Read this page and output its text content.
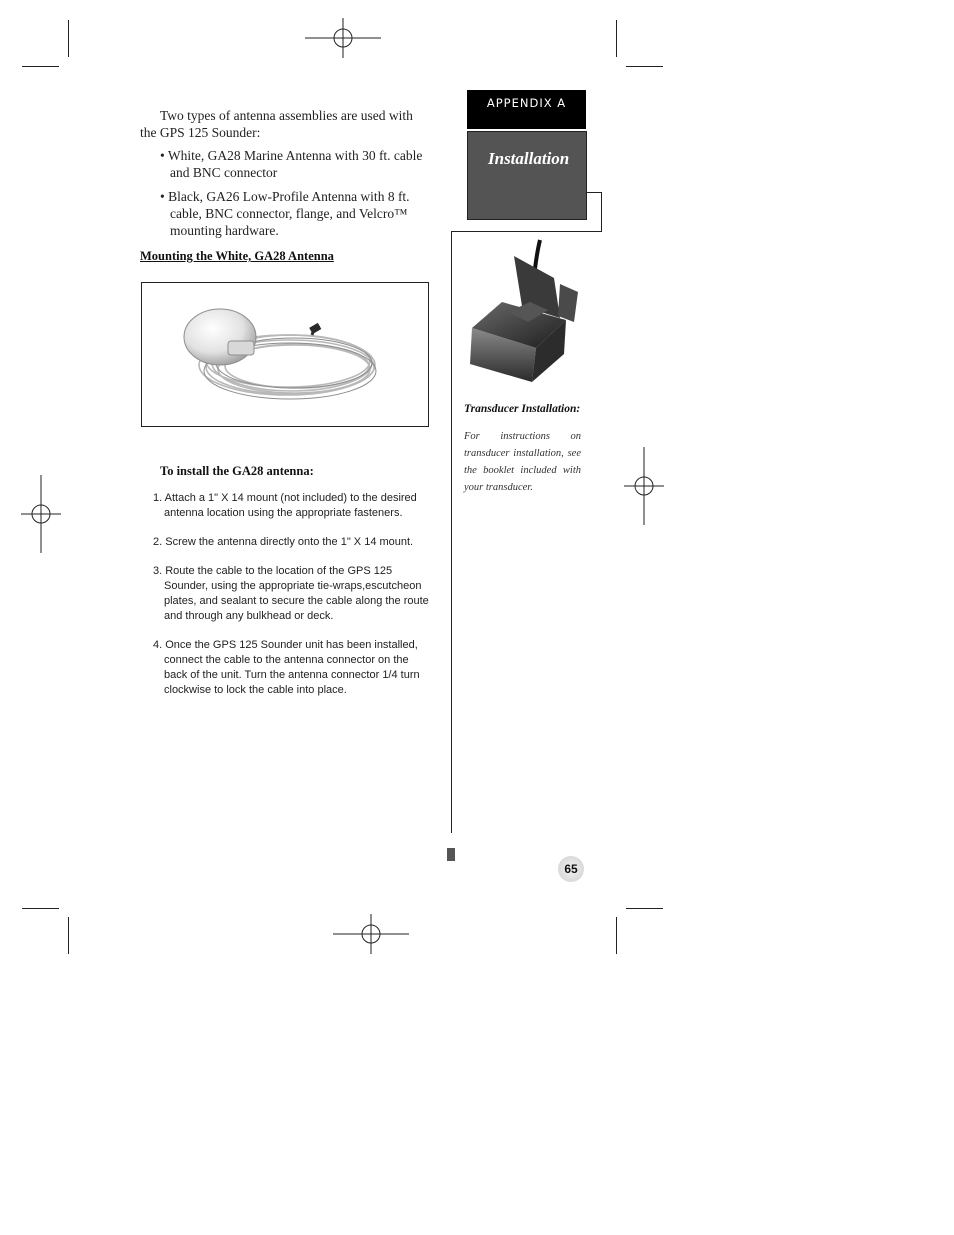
Two types of antenna assemblies are used with the GPS 125 Sounder:
• White, GA28 Marine Antenna with 30 ft. cable and BNC connector
• Black, GA26 Low-Profile Antenna with 8 ft. cable, BNC connector, flange, and Velcro™ mounting hardware.
Mounting the White, GA28 Antenna
To install the GA28 antenna:
1. Attach a 1" X 14 mount (not included) to the desired antenna location using the appropriate fasteners.
2. Screw the antenna directly onto the 1" X 14 mount.
3. Route the cable to the location of the GPS 125 Sounder, using the appropriate tie-wraps,escutcheon plates, and sealant to secure the cable along the route and through any bulkhead or deck.
4. Once the GPS 125 Sounder unit has been installed, connect the cable to the antenna connector on the back of the unit. Turn the antenna connector 1/4 turn clockwise to lock the cable into place.
APPENDIX A
Installation
Transducer Installation:
For instructions on transducer installation, see the booklet included with your transducer.
65
